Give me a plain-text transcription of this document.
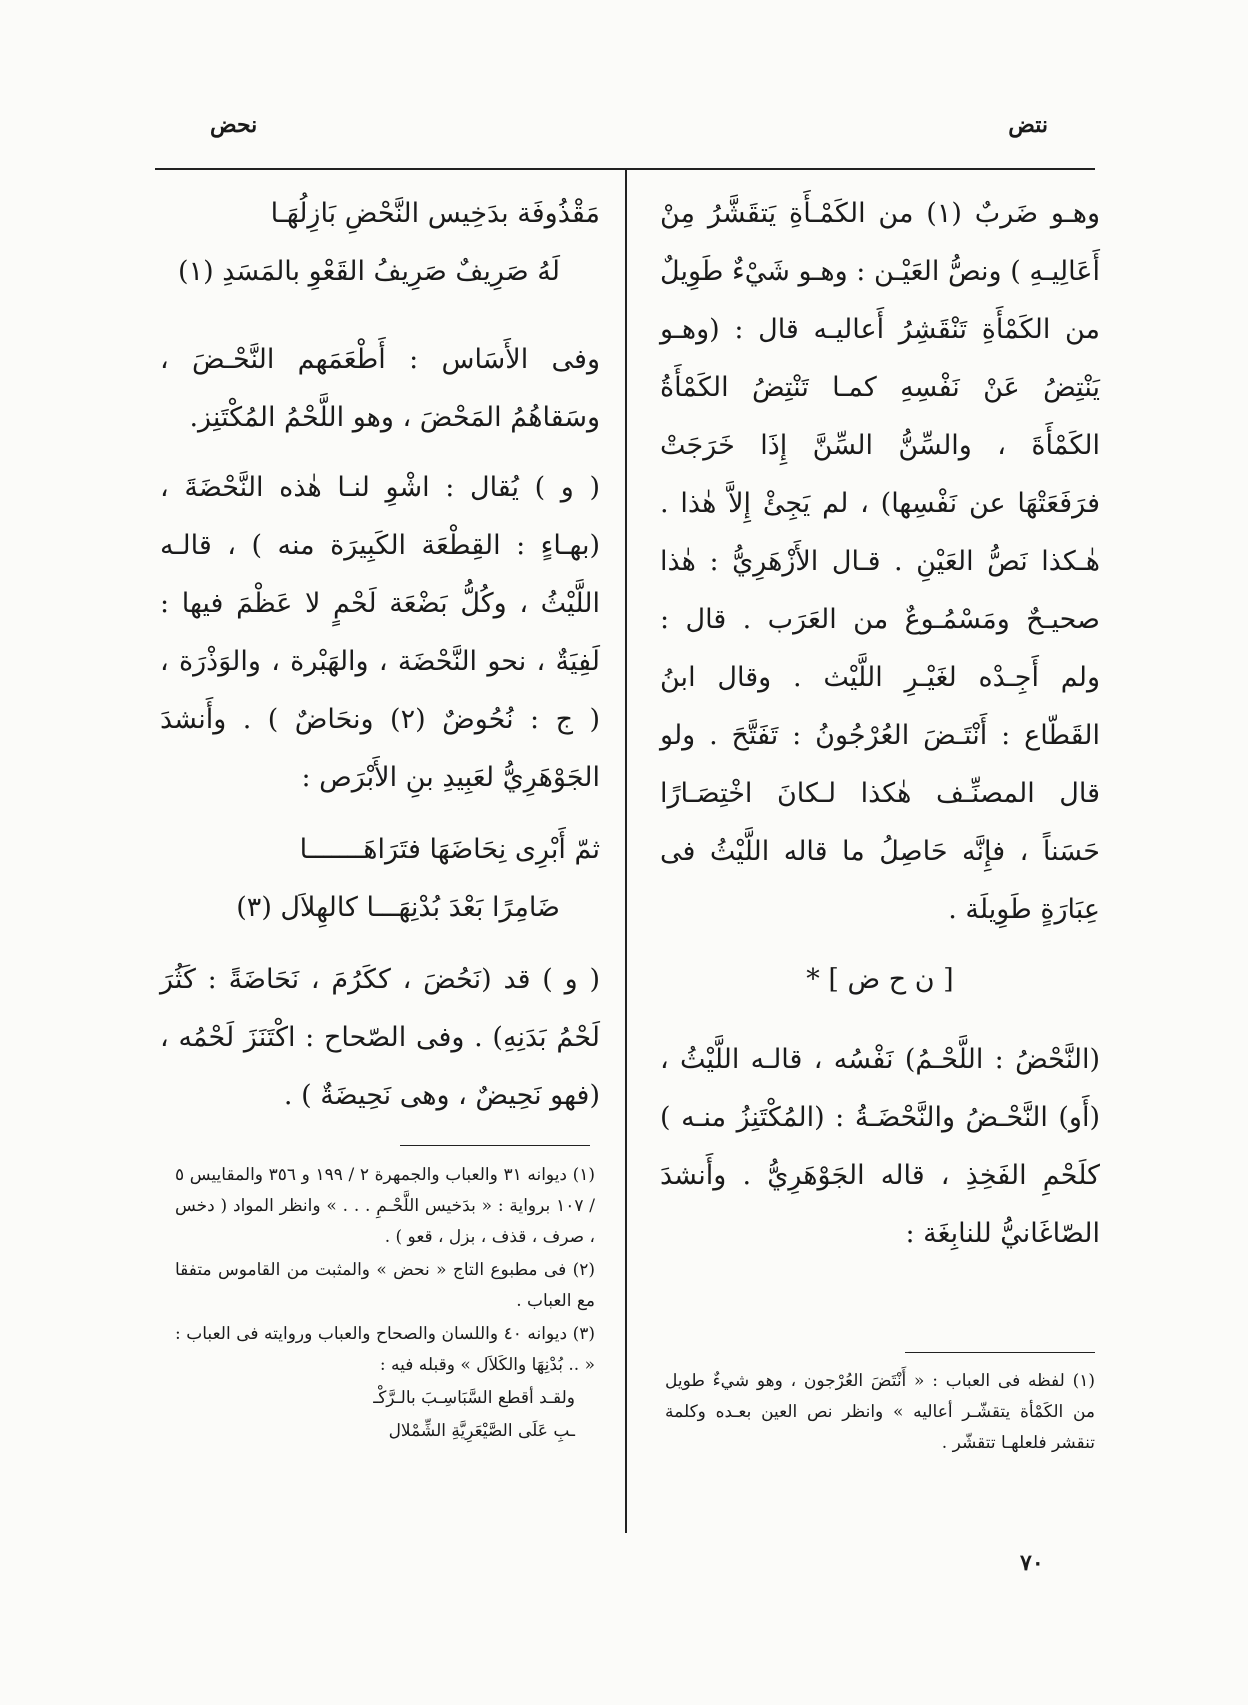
نحض	نتض

وهـو ضَربٌ (١) من الكَمْـأَةِ يَتقَشَّرُ مِنْ أَعَالِيـهِ ) ونصُّ العَيْـن : وهـو شَيْءٌ طَوِيلٌ من الكَمْأَةِ تَنْقَشِرُ أَعاليـه قال : (وهـو يَنْتِضُ عَنْ نَفْسِهِ كمـا تَنْتِضُ الكَمْأَةُ الكَمْأَةَ ، والسِّنُّ السِّنَّ إِذَا خَرَجَتْ فرَفَعَتْهَا عن نَفْسِها) ، لم يَجِئْ إِلاَّ هٰذا . هٰـكذا نَصُّ العَيْنِ . قـال الأَزْهَرِيُّ : هٰذا صحيـحٌ ومَسْمُـوعٌ من العَرَب . قال : ولم أَجِـدْه لغَيْـرِ اللَّيْث . وقال ابنُ القَطّاع : أَنْتَـضَ العُرْجُونُ : تَفَتَّحَ . ولو قال المصنِّـف هٰكذا لـكانَ اخْتِصَـارًا حَسَناً ، فإِنَّه حَاصِلُ ما قاله اللَّيْثُ فى عِبَارَةٍ طَوِيلَة .

[ ن ح ض ] *

(النَّحْضُ : اللَّحْـمُ) نَفْسُه ، قالـه اللَّيْثُ ، (أَو) النَّحْـضُ والنَّحْضَـةُ : (المُكْتَنِزُ منـه ) كلَحْمِ الفَخِذِ ، قاله الجَوْهَرِيُّ . وأَنشدَ الصّاغَانيُّ للنابِغَة :

مَقْذُوفَة بدَخِيس النَّحْضِ بَازِلُهَـا

لَهُ صَرِيفٌ صَرِيفُ القَعْوِ بالمَسَدِ (١)

وفى الأَسَاس : أَطْعَمَهم النَّحْـضَ ، وسَقاهُمُ المَحْضَ ، وهو اللَّحْمُ المُكْتَنِز.

( و ) يُقال : اشْوِ لنـا هٰذه النَّحْضَةَ ، (بهـاءٍ : القِطْعَة الكَبِيرَة منه ) ، قالـه اللَّيْثُ ، وكُلُّ بَضْعَة لَحْمٍ لا عَظْمَ فيها : لَفِيَةٌ ، نحو النَّحْضَة ، والهَبْرة ، والوَذْرَة ، ( ج : نُحُوضٌ (٢) ونحَاضٌ ) . وأَنشدَ الجَوْهَرِيُّ لعَبِيدِ بنِ الأَبْرَص :

ثمّ أَبْرِى نِحَاضَهَا فتَرَاهَـــــــا

ضَامِرًا بَعْدَ بُدْنِهَـــا كالهِلاَل (٣)

( و ) قد (نَحُضَ ، ككَرُمَ ، نَحَاضَةً : كَثُرَ لَحْمُ بَدَنِهِ) . وفى الصّحاح : اكْتَنَزَ لَحْمُه ، (فهو نَحِيضٌ ، وهى نَحِيضَةٌ ) .

(١) ديوانه ٣١ والعباب والجمهرة ٢ / ١٩٩ و ٣٥٦ والمقاييس ٥ / ١٠٧ برواية : « بدَخيس اللَّحْـمِ . . . » وانظر المواد ( دخس ، صرف ، قذف ، بزل ، قعو ) .

(٢) فى مطبوع التاج « نحض » والمثبت من القاموس متفقا مع العباب .

(٣) ديوانه ٤٠ واللسان والصحاح والعباب وروايته فى العباب : « .. بُدْنِهَا والكَلاَل » وقبله فيه :

ولقـد أقطع السَّبَاسِـبَ بالـرَّكْـ

ـبِ عَلَى الصَّيْعَرِيَّةِ الشِّمْلال

(١) لفظه فى العباب : « أَنْتَضَ العُرْجون ، وهو شيءٌ طويل من الكَمْأة يتقشّـر أعاليه » وانظر نص العين بعـده وكلمة تنقشر فلعلهـا تتقشّر .

٧٠
